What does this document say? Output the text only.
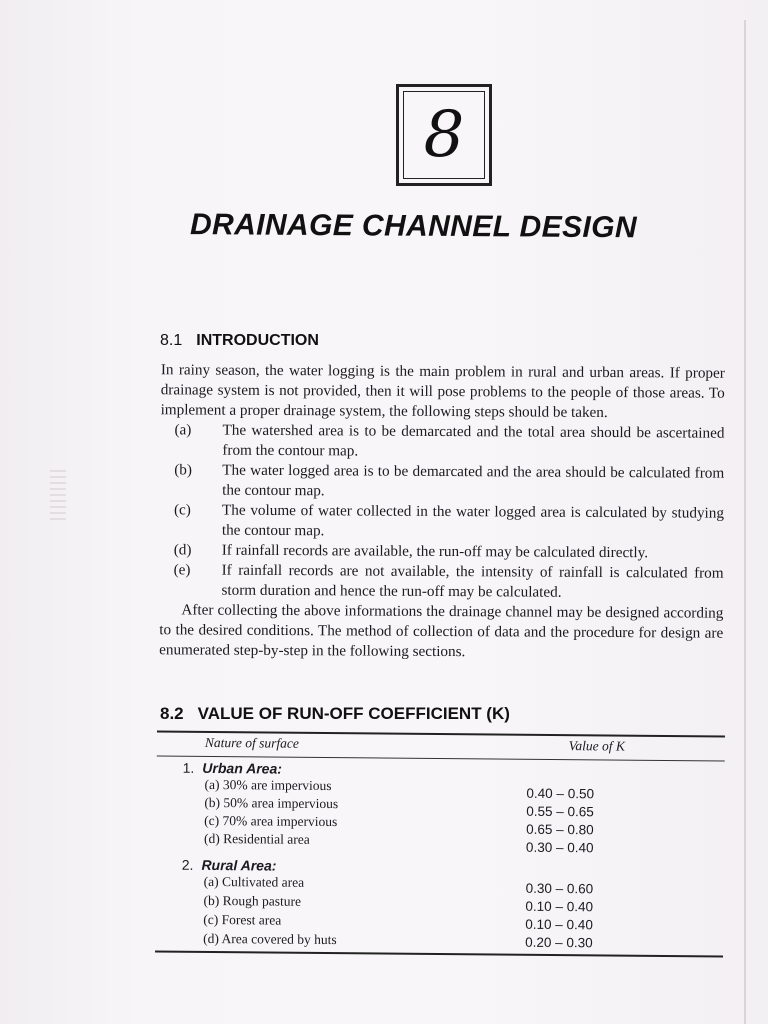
8
DRAINAGE CHANNEL DESIGN
8.1 INTRODUCTION

In rainy season, the water logging is the main problem in rural and urban areas. If proper drainage system is not provided, then it will pose problems to the people of those areas. To implement a proper drainage system, the following steps should be taken.

(a) The watershed area is to be demarcated and the total area should be ascertained from the contour map.
(b) The water logged area is to be demarcated and the area should be calculated from the contour map.
(c) The volume of water collected in the water logged area is calculated by studying the contour map.
(d) If rainfall records are available, the run-off may be calculated directly.
(e) If rainfall records are not available, the intensity of rainfall is calculated from storm duration and hence the run-off may be calculated.

After collecting the above informations the drainage channel may be designed according to the desired conditions. The method of collection of data and the procedure for design are enumerated step-by-step in the following sections.

8.2 VALUE OF RUN-OFF COEFFICIENT (K)
Nature of surface	Value of K
1. Urban Area:
(a) 30% are impervious
(b) 50% area impervious
(c) 70% area impervious
(d) Residential area
0.40 – 0.50
0.55 – 0.65
0.65 – 0.80
0.30 – 0.40
2. Rural Area:
(a) Cultivated area
(b) Rough pasture
(c) Forest area
(d) Area covered by huts
0.30 – 0.60
0.10 – 0.40
0.10 – 0.40
0.20 – 0.30
